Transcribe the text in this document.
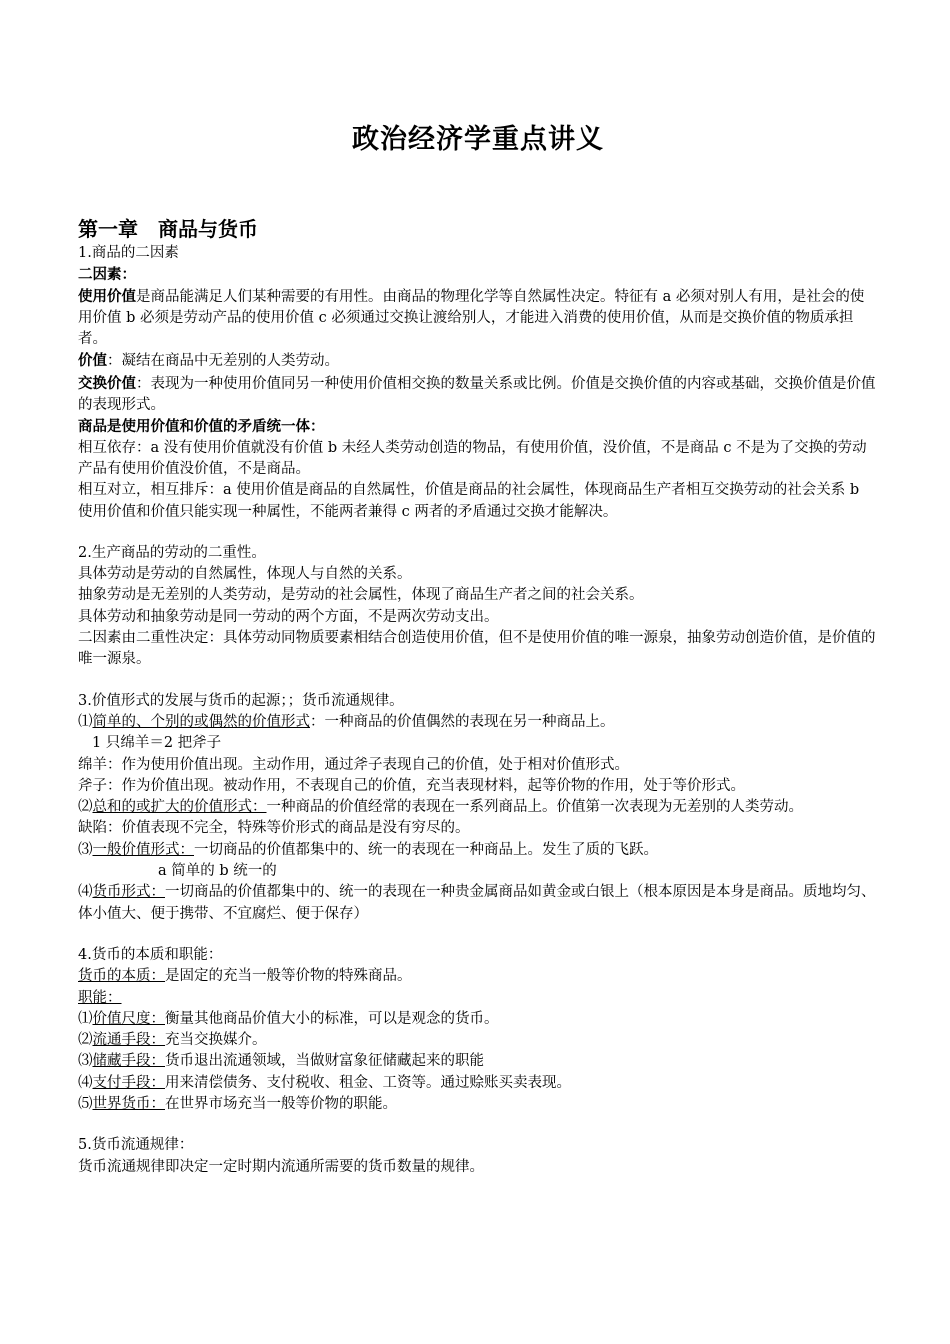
政治经济学重点讲义
第一章　商品与货币

1.商品的二因素

二因素：

使用价值是商品能满足人们某种需要的有用性。由商品的物理化学等自然属性决定。特征有 a 必须对别人有用，是社会的使用价值 b 必须是劳动产品的使用价值 c 必须通过交换让渡给别人，才能进入消费的使用价值，从而是交换价值的物质承担者。

价值：凝结在商品中无差别的人类劳动。

交换价值：表现为一种使用价值同另一种使用价值相交换的数量关系或比例。价值是交换价值的内容或基础，交换价值是价值的表现形式。

商品是使用价值和价值的矛盾统一体：

相互依存：a 没有使用价值就没有价值 b 未经人类劳动创造的物品，有使用价值，没价值，不是商品 c 不是为了交换的劳动产品有使用价值没价值，不是商品。

相互对立，相互排斥：a 使用价值是商品的自然属性，价值是商品的社会属性，体现商品生产者相互交换劳动的社会关系 b 使用价值和价值只能实现一种属性，不能两者兼得 c 两者的矛盾通过交换才能解决。

2.生产商品的劳动的二重性。

具体劳动是劳动的自然属性，体现人与自然的关系。

抽象劳动是无差别的人类劳动，是劳动的社会属性，体现了商品生产者之间的社会关系。

具体劳动和抽象劳动是同一劳动的两个方面，不是两次劳动支出。

二因素由二重性决定：具体劳动同物质要素相结合创造使用价值，但不是使用价值的唯一源泉，抽象劳动创造价值，是价值的唯一源泉。

3.价值形式的发展与货币的起源；；货币流通规律。

⑴简单的、个别的或偶然的价值形式：一种商品的价值偶然的表现在另一种商品上。

1 只绵羊＝2 把斧子

绵羊：作为使用价值出现。主动作用，通过斧子表现自己的价值，处于相对价值形式。

斧子：作为价值出现。被动作用，不表现自己的价值，充当表现材料，起等价物的作用，处于等价形式。

⑵总和的或扩大的价值形式：一种商品的价值经常的表现在一系列商品上。价值第一次表现为无差别的人类劳动。

缺陷：价值表现不完全，特殊等价形式的商品是没有穷尽的。

⑶一般价值形式：一切商品的价值都集中的、统一的表现在一种商品上。发生了质的飞跃。

a 简单的 b 统一的

⑷货币形式：一切商品的价值都集中的、统一的表现在一种贵金属商品如黄金或白银上（根本原因是本身是商品。质地均匀、体小值大、便于携带、不宜腐烂、便于保存）

4.货币的本质和职能：

货币的本质：是固定的充当一般等价物的特殊商品。

职能：

⑴价值尺度：衡量其他商品价值大小的标准，可以是观念的货币。

⑵流通手段：充当交换媒介。

⑶储藏手段：货币退出流通领域，当做财富象征储藏起来的职能

⑷支付手段：用来清偿债务、支付税收、租金、工资等。通过赊账买卖表现。

⑸世界货币：在世界市场充当一般等价物的职能。

5.货币流通规律：

货币流通规律即决定一定时期内流通所需要的货币数量的规律。
